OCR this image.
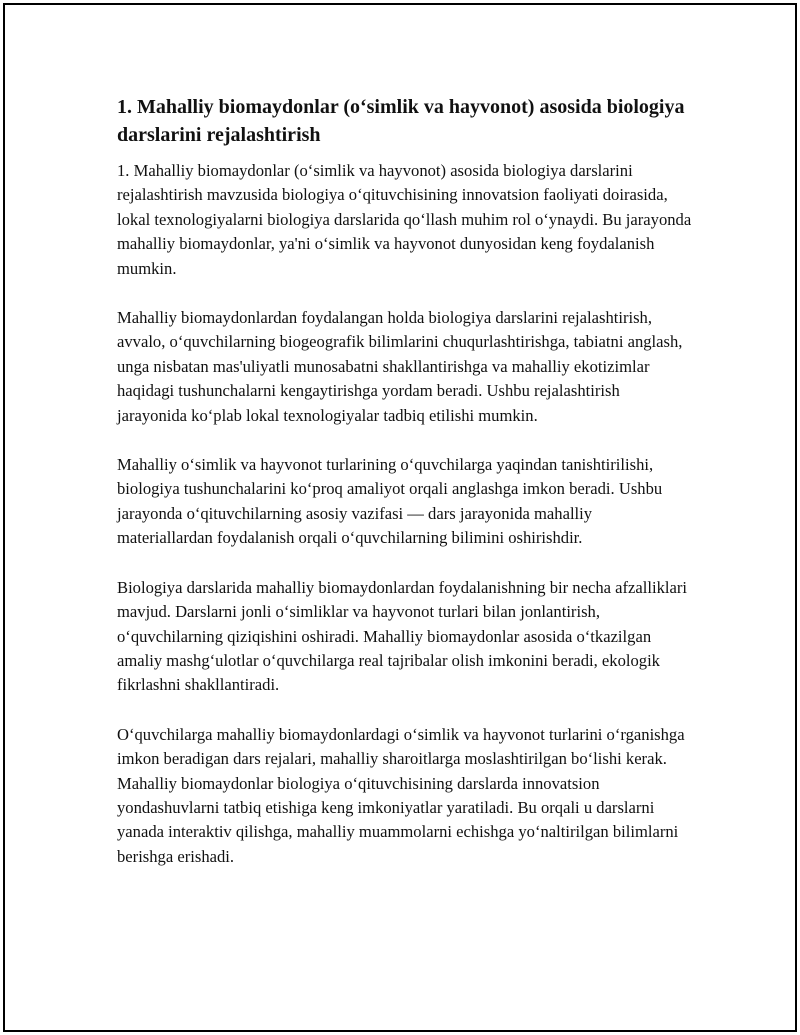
1. Mahalliy biomaydonlar (o‘simlik va hayvonot) asosida biologiya darslarini rejalashtirish

1. Mahalliy biomaydonlar (o‘simlik va hayvonot) asosida biologiya darslarini rejalashtirish mavzusida biologiya o‘qituvchisining innovatsion faoliyati doirasida, lokal texnologiyalarni biologiya darslarida qo‘llash muhim rol o‘ynaydi. Bu jarayonda mahalliy biomaydonlar, ya'ni o‘simlik va hayvonot dunyosidan keng foydalanish mumkin.

Mahalliy biomaydonlardan foydalangan holda biologiya darslarini rejalashtirish, avvalo, o‘quvchilarning biogeografik bilimlarini chuqurlashtirishga, tabiatni anglash, unga nisbatan mas'uliyatli munosabatni shakllantirishga va mahalliy ekotizimlar haqidagi tushunchalarni kengaytirishga yordam beradi. Ushbu rejalashtirish jarayonida ko‘plab lokal texnologiyalar tadbiq etilishi mumkin.

Mahalliy o‘simlik va hayvonot turlarining o‘quvchilarga yaqindan tanishtirilishi, biologiya tushunchalarini ko‘proq amaliyot orqali anglashga imkon beradi. Ushbu jarayonda o‘qituvchilarning asosiy vazifasi — dars jarayonida mahalliy materiallardan foydalanish orqali o‘quvchilarning bilimini oshirishdir.

Biologiya darslarida mahalliy biomaydonlardan foydalanishning bir necha afzalliklari mavjud. Darslarni jonli o‘simliklar va hayvonot turlari bilan jonlantirish, o‘quvchilarning qiziqishini oshiradi. Mahalliy biomaydonlar asosida o‘tkazilgan amaliy mashg‘ulotlar o‘quvchilarga real tajribalar olish imkonini beradi, ekologik fikrlashni shakllantiradi.

O‘quvchilarga mahalliy biomaydonlardagi o‘simlik va hayvonot turlarini o‘rganishga imkon beradigan dars rejalari, mahalliy sharoitlarga moslashtirilgan bo‘lishi kerak. Mahalliy biomaydonlar biologiya o‘qituvchisining darslarda innovatsion yondashuvlarni tatbiq etishiga keng imkoniyatlar yaratiladi. Bu orqali u darslarni yanada interaktiv qilishga, mahalliy muammolarni echishga yo‘naltirilgan bilimlarni berishga erishadi.
